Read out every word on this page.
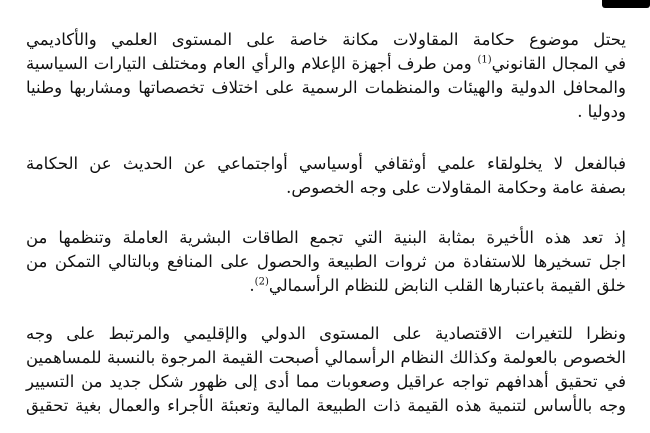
يحتل موضوع حكامة المقاولات مكانة خاصة على المستوى العلمي والأكاديمي

في المجال القانوني$^{(1)}$ ومن طرف أجهزة الإعلام والرأي العام ومختلف التيارات السياسية

والمحافل الدولية والهيئات والمنظمات الرسمية على اختلاف تخصصاتها ومشاربها وطنيا

ودوليا .

فبالفعل لا يخلولقاء علمي أوثقافي أوسياسي أواجتماعي عن الحديث عن الحكامة

بصفة عامة وحكامة المقاولات على وجه الخصوص.

إذ تعد هذه الأخيرة بمثابة البنية التي تجمع الطاقات البشرية العاملة وتنظمها من

اجل تسخيرها للاستفادة من ثروات الطبيعة والحصول على المنافع وبالتالي التمكن من

خلق القيمة باعتبارها القلب النابض للنظام الرأسمالي$^{(2)}$.

ونظرا للتغيرات الاقتصادية على المستوى الدولي والإقليمي والمرتبط على وجه

الخصوص بالعولمة وكذالك النظام الرأسمالي أصبحت القيمة المرجوة بالنسبة للمساهمين

في تحقيق أهدافهم تواجه عراقيل وصعوبات مما أدى إلى ظهور شكل جديد من التسيير

وجه بالأساس لتنمية هذه القيمة ذات الطبيعة المالية وتعبئة الأجراء والعمال بغية تحقيق
